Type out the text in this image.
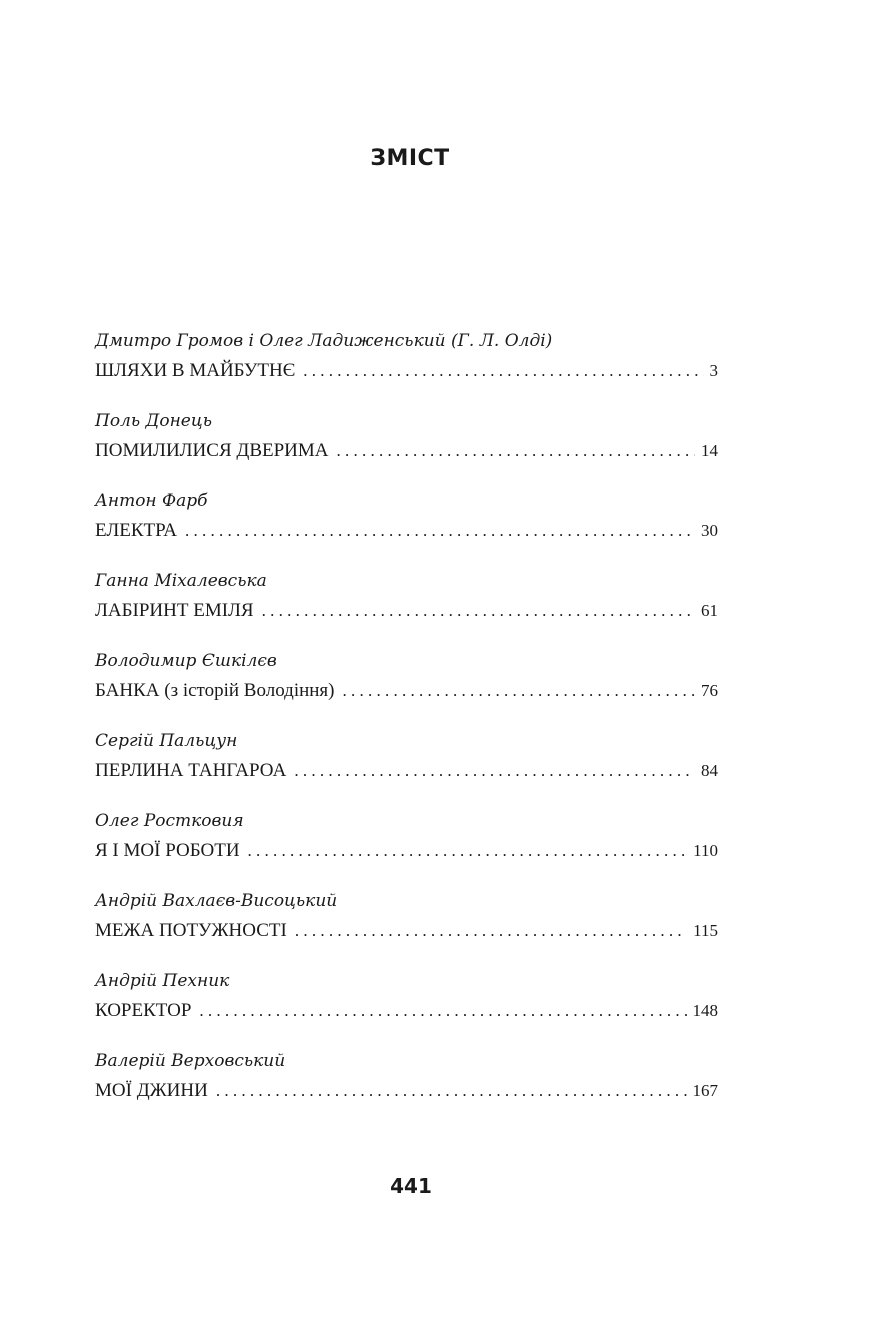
ЗМІСТ
Дмитро Громов і Олег Ладиженський (Г. Л. Олді)
ШЛЯХИ В МАЙБУТНЄ . . .	3
Поль Донець
ПОМИЛИЛИСЯ ДВЕРИМА . . .	14
Антон Фарб
ЕЛЕКТРА . . .	30
Ганна Міхалевська
ЛАБІРИНТ ЕМІЛЯ . . .	61
Володимир Єшкілєв
БАНКА (з історій Володіння) . . .	76
Сергій Пальцун
ПЕРЛИНА ТАНГАРОА . . .	84
Олег Ростковия
Я І МОЇ РОБОТИ . . .	110
Андрій Вахлаєв-Висоцький
МЕЖА ПОТУЖНОСТІ . . .	115
Андрій Пехник
КОРЕКТОР . . .	148
Валерій Верховський
МОЇ ДЖИНИ . . .	167
441
